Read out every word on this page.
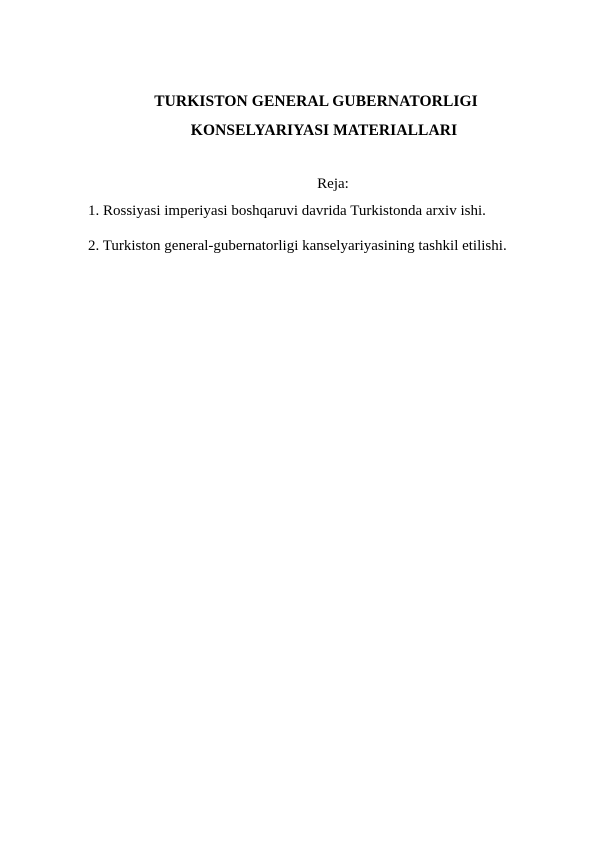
TURKISTON GENERAL GUBERNATORLIGI
KONSELYARIYASI MATERIALLARI
Reja:
1. Rossiyasi imperiyasi boshqaruvi davrida Turkistonda arxiv ishi.
2. Turkiston general-gubernatorligi kanselyariyasining tashkil etilishi.
